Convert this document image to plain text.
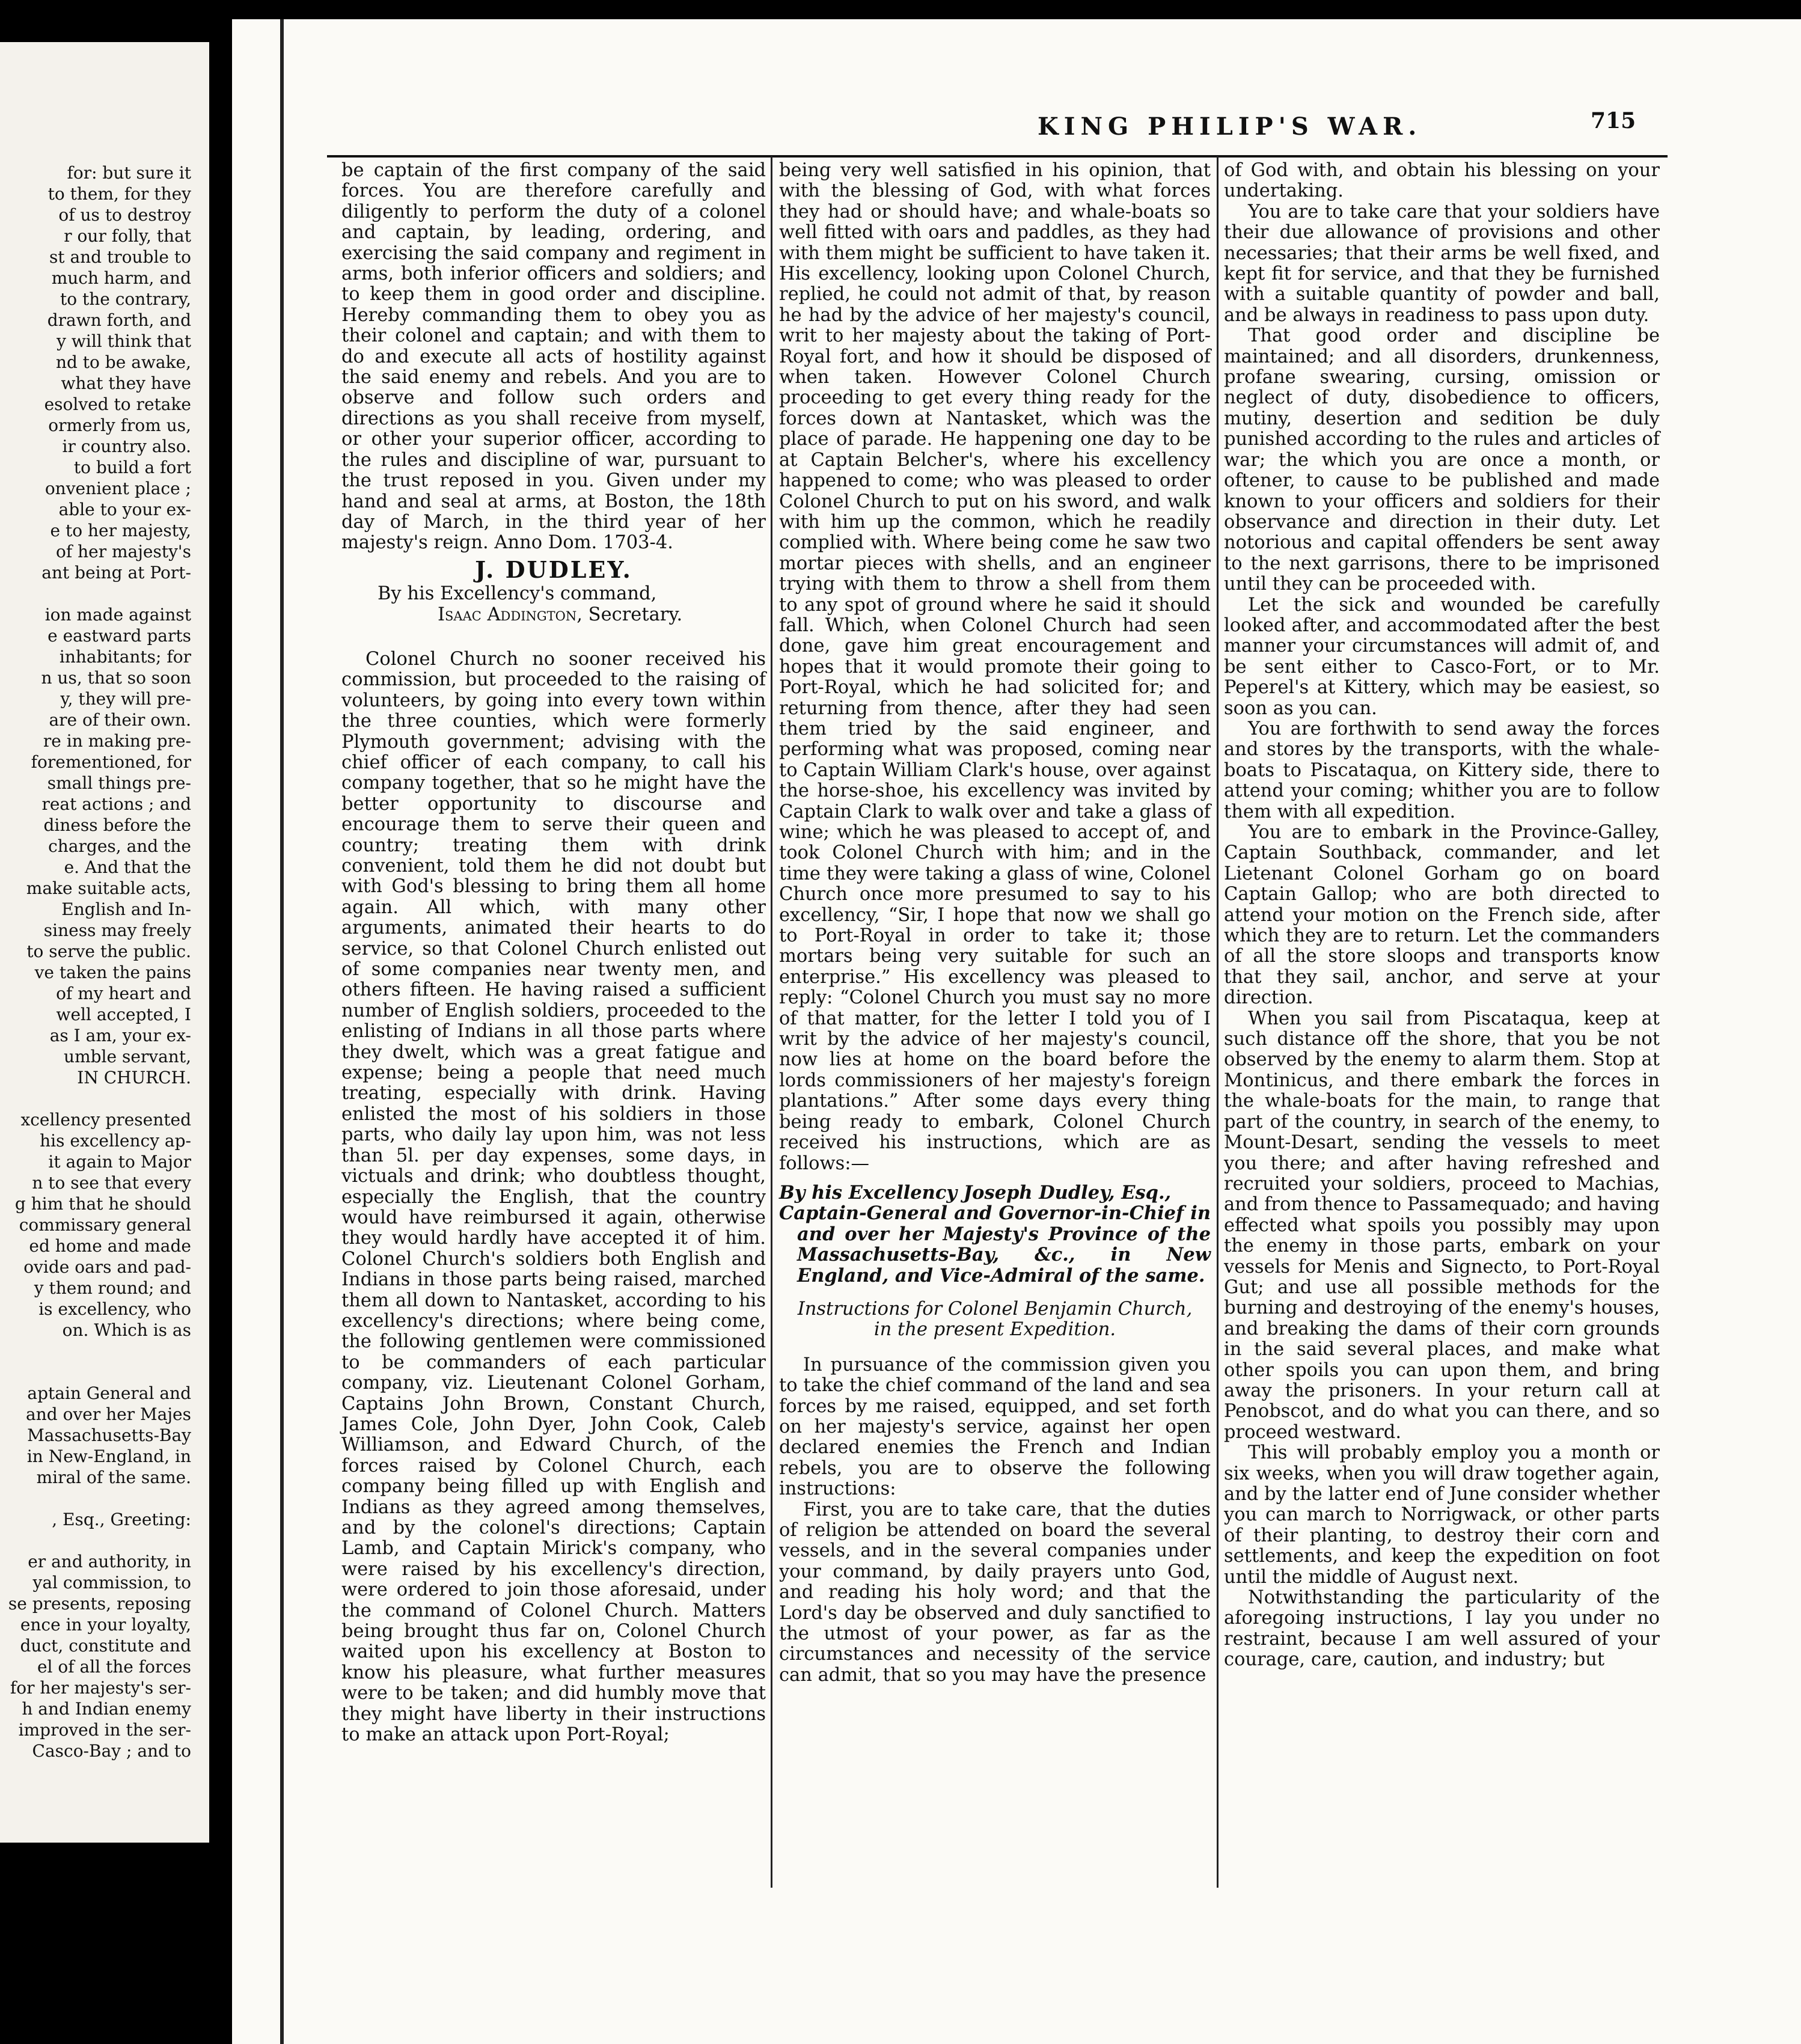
for: but sure it
to them, for they
of us to destroy
r our folly, that
st and trouble to
much harm, and
to the contrary,
drawn forth, and
y will think that
nd to be awake,
what they have
esolved to retake
ormerly from us,
ir country also.
to build a fort
onvenient place ;
able to your ex-
e to her majesty,
of her majesty's
ant being at Port-

ion made against
e eastward parts
inhabitants; for
n us, that so soon
y, they will pre-
are of their own.
re in making pre-
forementioned, for
small things pre-
reat actions ; and
diness before the
charges, and the
e. And that the
make suitable acts,
English and In-
siness may freely
to serve the public.
ve taken the pains
of my heart and
well accepted, I
as I am, your ex-
umble servant,
IN CHURCH.

xcellency presented
his excellency ap-
it again to Major
n to see that every
g him that he should
commissary general
ed home and made
ovide oars and pad-
y them round; and
is excellency, who
on. Which is as

aptain General and
and over her Majes
Massachusetts-Bay
in New-England, in
miral of the same.

, Esq., Greeting:

er and authority, in
yal commission, to
se presents, reposing
ence in your loyalty,
duct, constitute and
el of all the forces
for her majesty's ser-
h and Indian enemy
improved in the ser-
Casco-Bay ; and to
KING PHILIP'S WAR.	715

be captain of the first company of the said forces. You are therefore carefully and diligently to perform the duty of a colonel and captain, by leading, ordering, and exercising the said company and regiment in arms, both inferior officers and soldiers; and to keep them in good order and discipline. Hereby commanding them to obey you as their colonel and captain; and with them to do and execute all acts of hostility against the said enemy and rebels. And you are to observe and follow such orders and directions as you shall receive from myself, or other your superior officer, according to the rules and discipline of war, pursuant to the trust reposed in you. Given under my hand and seal at arms, at Boston, the 18th day of March, in the third year of her majesty's reign. Anno Dom. 1703-4.

J. DUDLEY.

By his Excellency's command,

Isaac Addington, Secretary.

Colonel Church no sooner received his commission, but proceeded to the raising of volunteers, by going into every town within the three counties, which were formerly Plymouth government; advising with the chief officer of each company, to call his company together, that so he might have the better opportunity to discourse and encourage them to serve their queen and country; treating them with drink convenient, told them he did not doubt but with God's blessing to bring them all home again. All which, with many other arguments, animated their hearts to do service, so that Colonel Church enlisted out of some companies near twenty men, and others fifteen. He having raised a sufficient number of English soldiers, proceeded to the enlisting of Indians in all those parts where they dwelt, which was a great fatigue and expense; being a people that need much treating, especially with drink. Having enlisted the most of his soldiers in those parts, who daily lay upon him, was not less than 5l. per day expenses, some days, in victuals and drink; who doubtless thought, especially the English, that the country would have reimbursed it again, otherwise they would hardly have accepted it of him. Colonel Church's soldiers both English and Indians in those parts being raised, marched them all down to Nantasket, according to his excellency's directions; where being come, the following gentlemen were commissioned to be commanders of each particular company, viz. Lieutenant Colonel Gorham, Captains John Brown, Constant Church, James Cole, John Dyer, John Cook, Caleb Williamson, and Edward Church, of the forces raised by Colonel Church, each company being filled up with English and Indians as they agreed among themselves, and by the colonel's directions; Captain Lamb, and Captain Mirick's company, who were raised by his excellency's direction, were ordered to join those aforesaid, under the command of Colonel Church. Matters being brought thus far on, Colonel Church waited upon his excellency at Boston to know his pleasure, what further measures were to be taken; and did humbly move that they might have liberty in their instructions to make an attack upon Port-Royal;

being very well satisfied in his opinion, that with the blessing of God, with what forces they had or should have; and whale-boats so well fitted with oars and paddles, as they had with them might be sufficient to have taken it. His excellency, looking upon Colonel Church, replied, he could not admit of that, by reason he had by the advice of her majesty's council, writ to her majesty about the taking of Port-Royal fort, and how it should be disposed of when taken. However Colonel Church proceeding to get every thing ready for the forces down at Nantasket, which was the place of parade. He happening one day to be at Captain Belcher's, where his excellency happened to come; who was pleased to order Colonel Church to put on his sword, and walk with him up the common, which he readily complied with. Where being come he saw two mortar pieces with shells, and an engineer trying with them to throw a shell from them to any spot of ground where he said it should fall. Which, when Colonel Church had seen done, gave him great encouragement and hopes that it would promote their going to Port-Royal, which he had solicited for; and returning from thence, after they had seen them tried by the said engineer, and performing what was proposed, coming near to Captain William Clark's house, over against the horse-shoe, his excellency was invited by Captain Clark to walk over and take a glass of wine; which he was pleased to accept of, and took Colonel Church with him; and in the time they were taking a glass of wine, Colonel Church once more presumed to say to his excellency, “Sir, I hope that now we shall go to Port-Royal in order to take it; those mortars being very suitable for such an enterprise.” His excellency was pleased to reply: “Colonel Church you must say no more of that matter, for the letter I told you of I writ by the advice of her majesty's council, now lies at home on the board before the lords commissioners of her majesty's foreign plantations.” After some days every thing being ready to embark, Colonel Church received his instructions, which are as follows:—

By his Excellency Joseph Dudley, Esq.,

Captain-General and Governor-in-Chief in and over her Majesty's Province of the Massachusetts-Bay, &c., in New England, and Vice-Admiral of the same.

Instructions for Colonel Benjamin Church,
in the present Expedition.

In pursuance of the commission given you to take the chief command of the land and sea forces by me raised, equipped, and set forth on her majesty's service, against her open declared enemies the French and Indian rebels, you are to observe the following instructions:

First, you are to take care, that the duties of religion be attended on board the several vessels, and in the several companies under your command, by daily prayers unto God, and reading his holy word; and that the Lord's day be observed and duly sanctified to the utmost of your power, as far as the circumstances and necessity of the service can admit, that so you may have the presence

of God with, and obtain his blessing on your undertaking.

You are to take care that your soldiers have their due allowance of provisions and other necessaries; that their arms be well fixed, and kept fit for service, and that they be furnished with a suitable quantity of powder and ball, and be always in readiness to pass upon duty.

That good order and discipline be maintained; and all disorders, drunkenness, profane swearing, cursing, omission or neglect of duty, disobedience to officers, mutiny, desertion and sedition be duly punished according to the rules and articles of war; the which you are once a month, or oftener, to cause to be published and made known to your officers and soldiers for their observance and direction in their duty. Let notorious and capital offenders be sent away to the next garrisons, there to be imprisoned until they can be proceeded with.

Let the sick and wounded be carefully looked after, and accommodated after the best manner your circumstances will admit of, and be sent either to Casco-Fort, or to Mr. Peperel's at Kittery, which may be easiest, so soon as you can.

You are forthwith to send away the forces and stores by the transports, with the whale-boats to Piscataqua, on Kittery side, there to attend your coming; whither you are to follow them with all expedition.

You are to embark in the Province-Galley, Captain Southback, commander, and let Lietenant Colonel Gorham go on board Captain Gallop; who are both directed to attend your motion on the French side, after which they are to return. Let the commanders of all the store sloops and transports know that they sail, anchor, and serve at your direction.

When you sail from Piscataqua, keep at such distance off the shore, that you be not observed by the enemy to alarm them. Stop at Montinicus, and there embark the forces in the whale-boats for the main, to range that part of the country, in search of the enemy, to Mount-Desart, sending the vessels to meet you there; and after having refreshed and recruited your soldiers, proceed to Machias, and from thence to Passamequado; and having effected what spoils you possibly may upon the enemy in those parts, embark on your vessels for Menis and Signecto, to Port-Royal Gut; and use all possible methods for the burning and destroying of the enemy's houses, and breaking the dams of their corn grounds in the said several places, and make what other spoils you can upon them, and bring away the prisoners. In your return call at Penobscot, and do what you can there, and so proceed westward.

This will probably employ you a month or six weeks, when you will draw together again, and by the latter end of June consider whether you can march to Norrigwack, or other parts of their planting, to destroy their corn and settlements, and keep the expedition on foot until the middle of August next.

Notwithstanding the particularity of the aforegoing instructions, I lay you under no restraint, because I am well assured of your courage, care, caution, and industry; but
